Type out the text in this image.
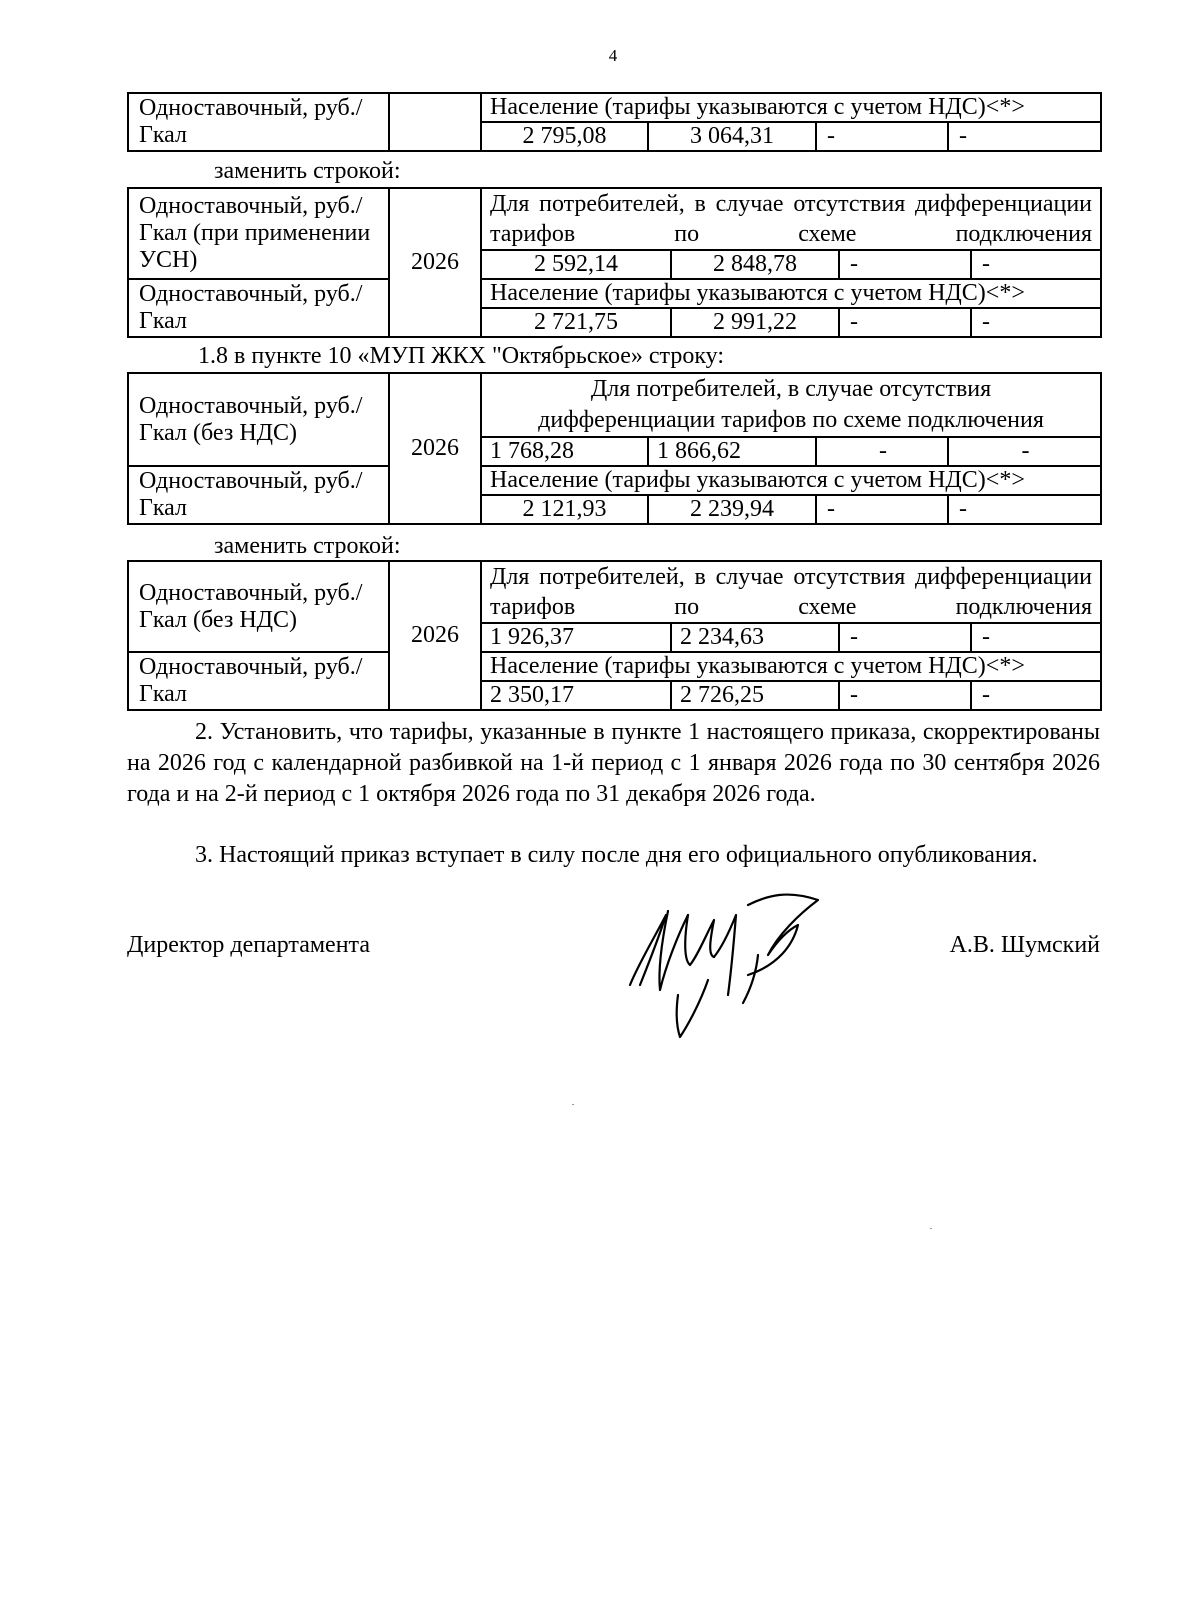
4
Одноставочный, руб./Гкал		Население (тарифы указываются с учетом НДС)<*>			
		2 795,08	3 064,31	-	-
заменить строкой:
Одноставочный, руб./Гкал (при применении УСН)	2026	Для потребителей, в случае отсутствия дифференциации тарифов по схеме подключения			

		2 592,14	2 848,78	-	-
Одноставочный, руб./Гкал		Население (тарифы указываются с учетом НДС)<*>			
		2 721,75	2 991,22	-	-
1.8 в пункте 10 «МУП ЖКХ "Октябрьское» строку:
Одноставочный, руб./Гкал (без НДС)	2026	Для потребителей, в случае отсутствия
дифференциации тарифов по схеме подключения			

		1 768,28	1 866,62	-	-

Одноставочный, руб./Гкал		Население (тарифы указываются с учетом НДС)<*>			
		2 121,93	2 239,94	-	-
заменить строкой:
Одноставочный, руб./Гкал (без НДС)	2026	Для потребителей, в случае отсутствия дифференциации тарифов по схеме подключения			

		1 926,37	2 234,63	-	-
Одноставочный, руб./Гкал		Население (тарифы указываются с учетом НДС)<*>			
		2 350,17	2 726,25	-	-

2. Установить, что тарифы, указанные в пункте 1 настоящего приказа, скорректированы на 2026 год с календарной разбивкой на 1-й период с 1 января 2026 года по 30 сентября 2026 года и на 2-й период с 1 октября 2026 года по 31 декабря 2026 года.

3. Настоящий приказ вступает в силу после дня его официального опубликования.

Директор департамента	А.В. Шумский
